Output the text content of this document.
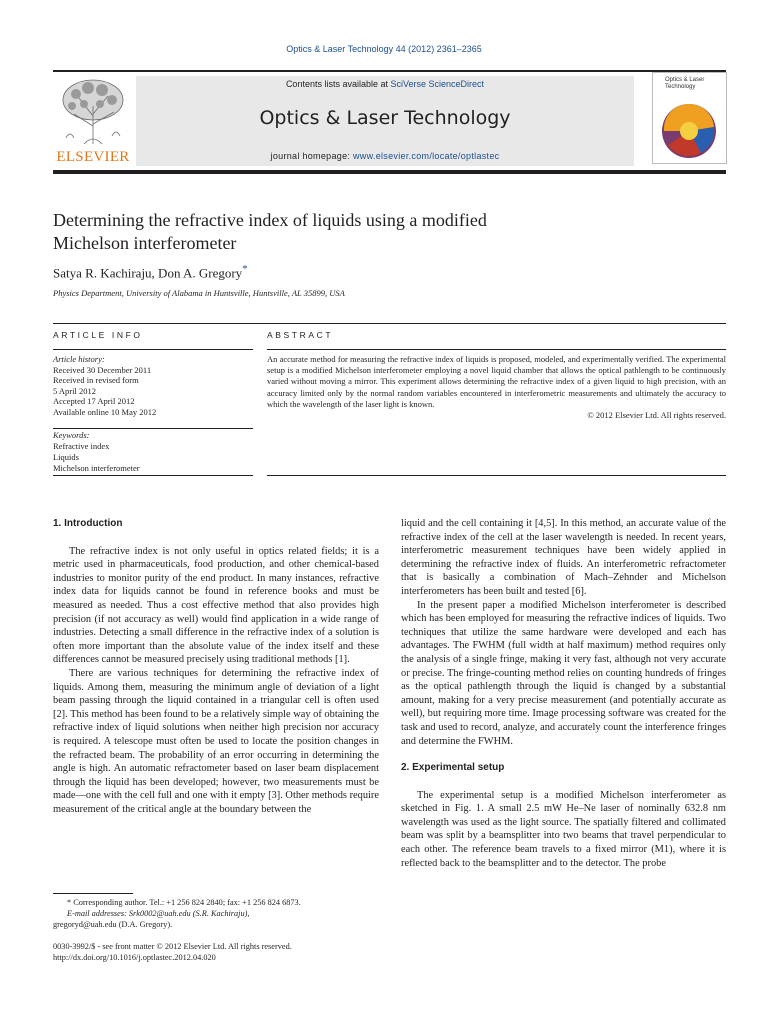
Optics & Laser Technology 44 (2012) 2361–2365
ELSEVIER
Contents lists available at SciVerse ScienceDirect
Optics & Laser Technology
journal homepage: www.elsevier.com/locate/optlastec
Optics & Laser
Technology
Determining the refractive index of liquids using a modified
Michelson interferometer
Satya R. Kachiraju, Don A. Gregory*
Physics Department, University of Alabama in Huntsville, Huntsville, AL 35899, USA
ARTICLE INFO	ABSTRACT
Article history:
Received 30 December 2011
Received in revised form
5 April 2012
Accepted 17 April 2012
Available online 10 May 2012
Keywords:
Refractive index
Liquids
Michelson interferometer
An accurate method for measuring the refractive index of liquids is proposed, modeled, and experimentally verified. The experimental setup is a modified Michelson interferometer employing a novel liquid chamber that allows the optical pathlength to be continuously varied without moving a mirror. This experiment allows determining the refractive index of a given liquid to high precision, with an accuracy limited only by the normal random variables encountered in interferometric measurements and ultimately the accuracy to which the wavelength of the laser light is known.
© 2012 Elsevier Ltd. All rights reserved.
1. Introduction

The refractive index is not only useful in optics related fields; it is a metric used in pharmaceuticals, food production, and other chemical-based industries to monitor purity of the end product. In many instances, refractive index data for liquids cannot be found in reference books and must be measured as needed. Thus a cost effective method that also provides high precision (if not accuracy as well) would find application in a wide range of industries. Detecting a small difference in the refractive index of a solution is often more important than the absolute value of the index itself and these differences cannot be measured precisely using traditional methods [1].

There are various techniques for determining the refractive index of liquids. Among them, measuring the minimum angle of deviation of a light beam passing through the liquid contained in a triangular cell is often used [2]. This method has been found to be a relatively simple way of obtaining the refractive index of liquid solutions when neither high precision nor accuracy is required. A telescope must often be used to locate the position changes in the refracted beam. The probability of an error occurring in determining the angle is high. An automatic refractometer based on laser beam displacement through the liquid has been developed; however, two measurements must be made—one with the cell full and one with it empty [3]. Other methods require measurement of the critical angle at the boundary between the

liquid and the cell containing it [4,5]. In this method, an accurate value of the refractive index of the cell at the laser wavelength is needed. In recent years, interferometric measurement techniques have been widely applied in determining the refractive index of fluids. An interferometric refractometer that is basically a combination of Mach–Zehnder and Michelson interferometers has been built and tested [6].

In the present paper a modified Michelson interferometer is described which has been employed for measuring the refractive indices of liquids. Two techniques that utilize the same hardware were developed and each has advantages. The FWHM (full width at half maximum) method requires only the analysis of a single fringe, making it very fast, although not very accurate or precise. The fringe-counting method relies on counting hundreds of fringes as the optical pathlength through the liquid is changed by a substantial amount, making for a very precise measurement (and potentially accurate as well), but requiring more time. Image processing software was created for the task and used to record, analyze, and accurately count the interference fringes and determine the FWHM.

2. Experimental setup

The experimental setup is a modified Michelson interferometer as sketched in Fig. 1. A small 2.5 mW He–Ne laser of nominally 632.8 nm wavelength was used as the light source. The spatially filtered and collimated beam was split by a beamsplitter into two beams that travel perpendicular to each other. The reference beam travels to a fixed mirror (M1), where it is reflected back to the beamsplitter and to the detector. The probe

* Corresponding author. Tel.: +1 256 824 2840; fax: +1 256 824 6873.
E-mail addresses: Srk0002@uah.edu (S.R. Kachiraju),
gregoryd@uah.edu (D.A. Gregory).
0030-3992/$ - see front matter © 2012 Elsevier Ltd. All rights reserved.
http://dx.doi.org/10.1016/j.optlastec.2012.04.020
